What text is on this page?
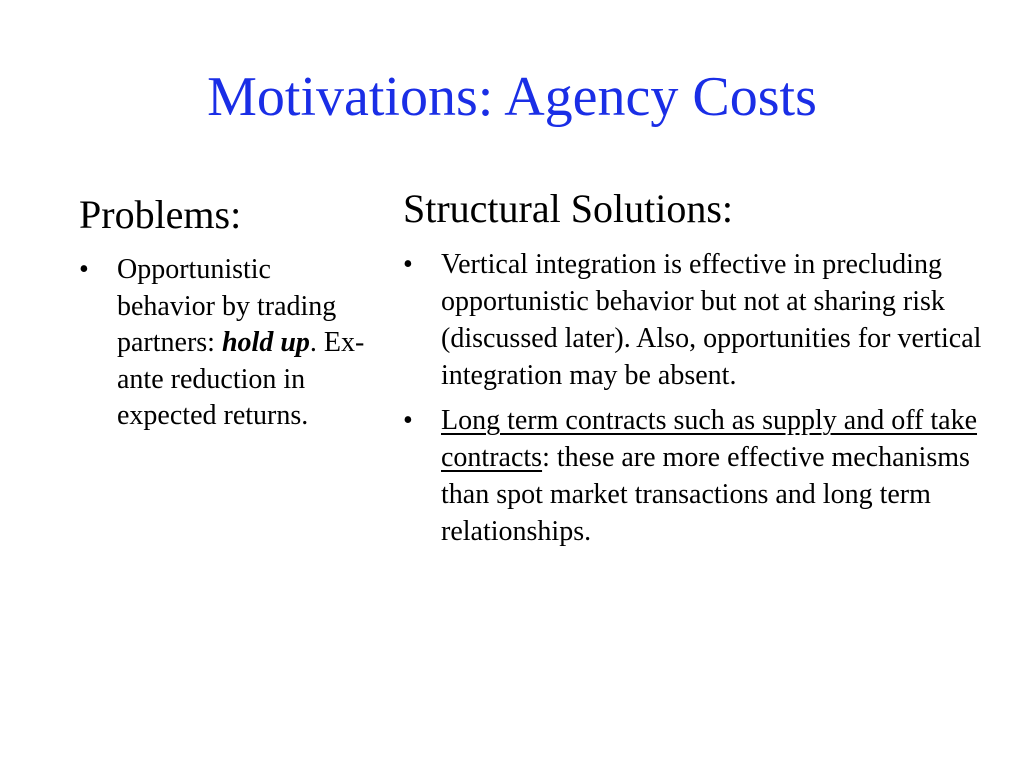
Motivations: Agency Costs
Problems:
• Opportunistic behavior by trading partners: hold up. Ex-ante reduction in expected returns.
Structural Solutions:
• Vertical integration is effective in precluding opportunistic behavior but not at sharing risk (discussed later). Also, opportunities for vertical integration may be absent.
• Long term contracts such as supply and off take contracts: these are more effective mechanisms than spot market transactions and long term relationships.
